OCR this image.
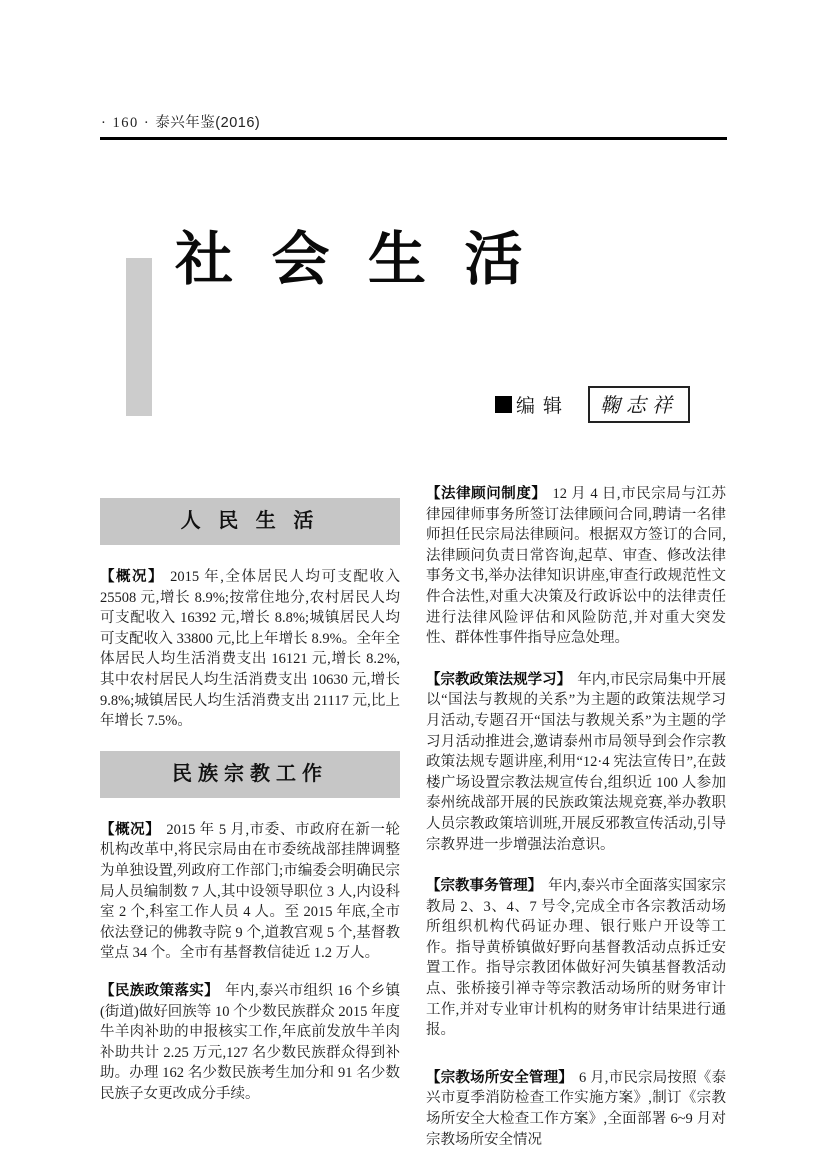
· 160 · 泰兴年鉴(2016)
社 会 生 活
编辑	鞠志祥
人 民 生 活

【概况】 2015 年,全体居民人均可支配收入 25508 元,增长 8.9%;按常住地分,农村居民人均可支配收入 16392 元,增长 8.8%;城镇居民人均可支配收入 33800 元,比上年增长 8.9%。全年全体居民人均生活消费支出 16121 元,增长 8.2%,其中农村居民人均生活消费支出 10630 元,增长 9.8%;城镇居民人均生活消费支出 21117 元,比上年增长 7.5%。

民族宗教工作

【概况】 2015 年 5 月,市委、市政府在新一轮机构改革中,将民宗局由在市委统战部挂牌调整为单独设置,列政府工作部门;市编委会明确民宗局人员编制数 7 人,其中设领导职位 3 人,内设科室 2 个,科室工作人员 4 人。至 2015 年底,全市依法登记的佛教寺院 9 个,道教宫观 5 个,基督教堂点 34 个。全市有基督教信徒近 1.2 万人。

【民族政策落实】 年内,泰兴市组织 16 个乡镇(街道)做好回族等 10 个少数民族群众 2015 年度牛羊肉补助的申报核实工作,年底前发放牛羊肉补助共计 2.25 万元,127 名少数民族群众得到补助。办理 162 名少数民族考生加分和 91 名少数民族子女更改成分手续。

【法律顾问制度】 12 月 4 日,市民宗局与江苏律园律师事务所签订法律顾问合同,聘请一名律师担任民宗局法律顾问。根据双方签订的合同,法律顾问负责日常咨询,起草、审查、修改法律事务文书,举办法律知识讲座,审查行政规范性文件合法性,对重大决策及行政诉讼中的法律责任进行法律风险评估和风险防范,并对重大突发性、群体性事件指导应急处理。

【宗教政策法规学习】 年内,市民宗局集中开展以“国法与教规的关系”为主题的政策法规学习月活动,专题召开“国法与教规关系”为主题的学习月活动推进会,邀请泰州市局领导到会作宗教政策法规专题讲座,利用“12·4 宪法宣传日”,在鼓楼广场设置宗教法规宣传台,组织近 100 人参加泰州统战部开展的民族政策法规竞赛,举办教职人员宗教政策培训班,开展反邪教宣传活动,引导宗教界进一步增强法治意识。

【宗教事务管理】 年内,泰兴市全面落实国家宗教局 2、3、4、7 号令,完成全市各宗教活动场所组织机构代码证办理、银行账户开设等工作。指导黄桥镇做好野向基督教活动点拆迁安置工作。指导宗教团体做好河失镇基督教活动点、张桥接引禅寺等宗教活动场所的财务审计工作,并对专业审计机构的财务审计结果进行通报。

【宗教场所安全管理】 6 月,市民宗局按照《泰兴市夏季消防检查工作实施方案》,制订《宗教场所安全大检查工作方案》,全面部署 6~9 月对宗教场所安全情况
